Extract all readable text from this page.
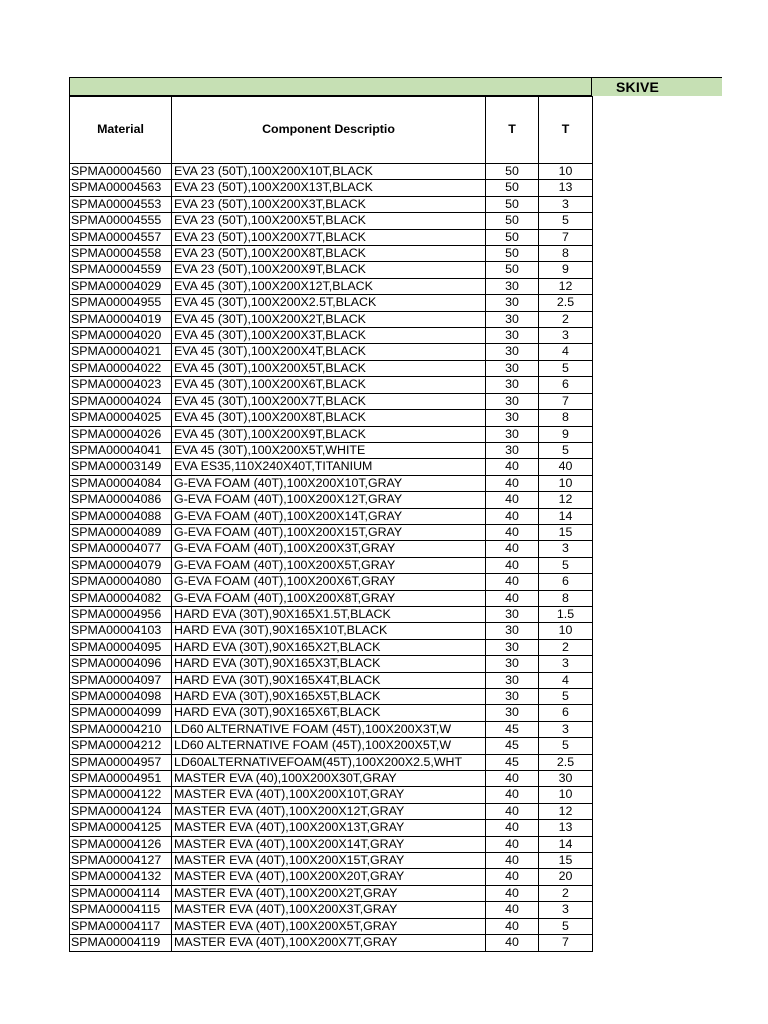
SKIVE
Material	Component Descriptio	T	T
SPMA00004560	EVA 23 (50T),100X200X10T,BLACK	50	10
SPMA00004563	EVA 23 (50T),100X200X13T,BLACK	50	13
SPMA00004553	EVA 23 (50T),100X200X3T,BLACK	50	3
SPMA00004555	EVA 23 (50T),100X200X5T,BLACK	50	5
SPMA00004557	EVA 23 (50T),100X200X7T,BLACK	50	7
SPMA00004558	EVA 23 (50T),100X200X8T,BLACK	50	8
SPMA00004559	EVA 23 (50T),100X200X9T,BLACK	50	9
SPMA00004029	EVA 45 (30T),100X200X12T,BLACK	30	12
SPMA00004955	EVA 45 (30T),100X200X2.5T,BLACK	30	2.5
SPMA00004019	EVA 45 (30T),100X200X2T,BLACK	30	2
SPMA00004020	EVA 45 (30T),100X200X3T,BLACK	30	3
SPMA00004021	EVA 45 (30T),100X200X4T,BLACK	30	4
SPMA00004022	EVA 45 (30T),100X200X5T,BLACK	30	5
SPMA00004023	EVA 45 (30T),100X200X6T,BLACK	30	6
SPMA00004024	EVA 45 (30T),100X200X7T,BLACK	30	7
SPMA00004025	EVA 45 (30T),100X200X8T,BLACK	30	8
SPMA00004026	EVA 45 (30T),100X200X9T,BLACK	30	9
SPMA00004041	EVA 45 (30T),100X200X5T,WHITE	30	5
SPMA00003149	EVA ES35,110X240X40T,TITANIUM	40	40
SPMA00004084	G-EVA FOAM (40T),100X200X10T,GRAY	40	10
SPMA00004086	G-EVA FOAM (40T),100X200X12T,GRAY	40	12
SPMA00004088	G-EVA FOAM (40T),100X200X14T,GRAY	40	14
SPMA00004089	G-EVA FOAM (40T),100X200X15T,GRAY	40	15
SPMA00004077	G-EVA FOAM (40T),100X200X3T,GRAY	40	3
SPMA00004079	G-EVA FOAM (40T),100X200X5T,GRAY	40	5
SPMA00004080	G-EVA FOAM (40T),100X200X6T,GRAY	40	6
SPMA00004082	G-EVA FOAM (40T),100X200X8T,GRAY	40	8
SPMA00004956	HARD EVA (30T),90X165X1.5T,BLACK	30	1.5
SPMA00004103	HARD EVA (30T),90X165X10T,BLACK	30	10
SPMA00004095	HARD EVA (30T),90X165X2T,BLACK	30	2
SPMA00004096	HARD EVA (30T),90X165X3T,BLACK	30	3
SPMA00004097	HARD EVA (30T),90X165X4T,BLACK	30	4
SPMA00004098	HARD EVA (30T),90X165X5T,BLACK	30	5
SPMA00004099	HARD EVA (30T),90X165X6T,BLACK	30	6
SPMA00004210	LD60 ALTERNATIVE FOAM (45T),100X200X3T,W	45	3
SPMA00004212	LD60 ALTERNATIVE FOAM (45T),100X200X5T,W	45	5
SPMA00004957	LD60ALTERNATIVEFOAM(45T),100X200X2.5,WHT	45	2.5
SPMA00004951	MASTER EVA (40),100X200X30T,GRAY	40	30
SPMA00004122	MASTER EVA (40T),100X200X10T,GRAY	40	10
SPMA00004124	MASTER EVA (40T),100X200X12T,GRAY	40	12
SPMA00004125	MASTER EVA (40T),100X200X13T,GRAY	40	13
SPMA00004126	MASTER EVA (40T),100X200X14T,GRAY	40	14
SPMA00004127	MASTER EVA (40T),100X200X15T,GRAY	40	15
SPMA00004132	MASTER EVA (40T),100X200X20T,GRAY	40	20
SPMA00004114	MASTER EVA (40T),100X200X2T,GRAY	40	2
SPMA00004115	MASTER EVA (40T),100X200X3T,GRAY	40	3
SPMA00004117	MASTER EVA (40T),100X200X5T,GRAY	40	5
SPMA00004119	MASTER EVA (40T),100X200X7T,GRAY	40	7
